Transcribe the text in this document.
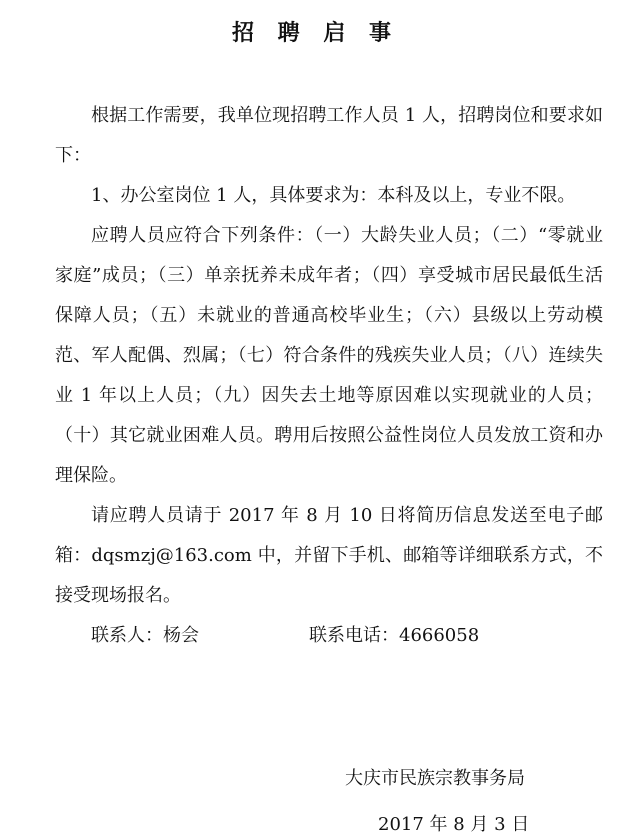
招 聘 启 事

根据工作需要，我单位现招聘工作人员 1 人，招聘岗位和要求如下：

1、办公室岗位 1 人，具体要求为：本科及以上，专业不限。

应聘人员应符合下列条件：（一）大龄失业人员；（二）“零就业家庭”成员；（三）单亲抚养未成年者；（四）享受城市居民最低生活保障人员；（五）未就业的普通高校毕业生；（六）县级以上劳动模范、军人配偶、烈属；（七）符合条件的残疾失业人员；（八）连续失业 1 年以上人员；（九）因失去土地等原因难以实现就业的人员；（十）其它就业困难人员。聘用后按照公益性岗位人员发放工资和办理保险。

请应聘人员请于 2017 年 8 月 10 日将简历信息发送至电子邮箱：dqsmzj@163.com 中，并留下手机、邮箱等详细联系方式，不接受现场报名。

联系人：杨会	联系电话：4666058

大庆市民族宗教事务局
2017 年 8 月 3 日
